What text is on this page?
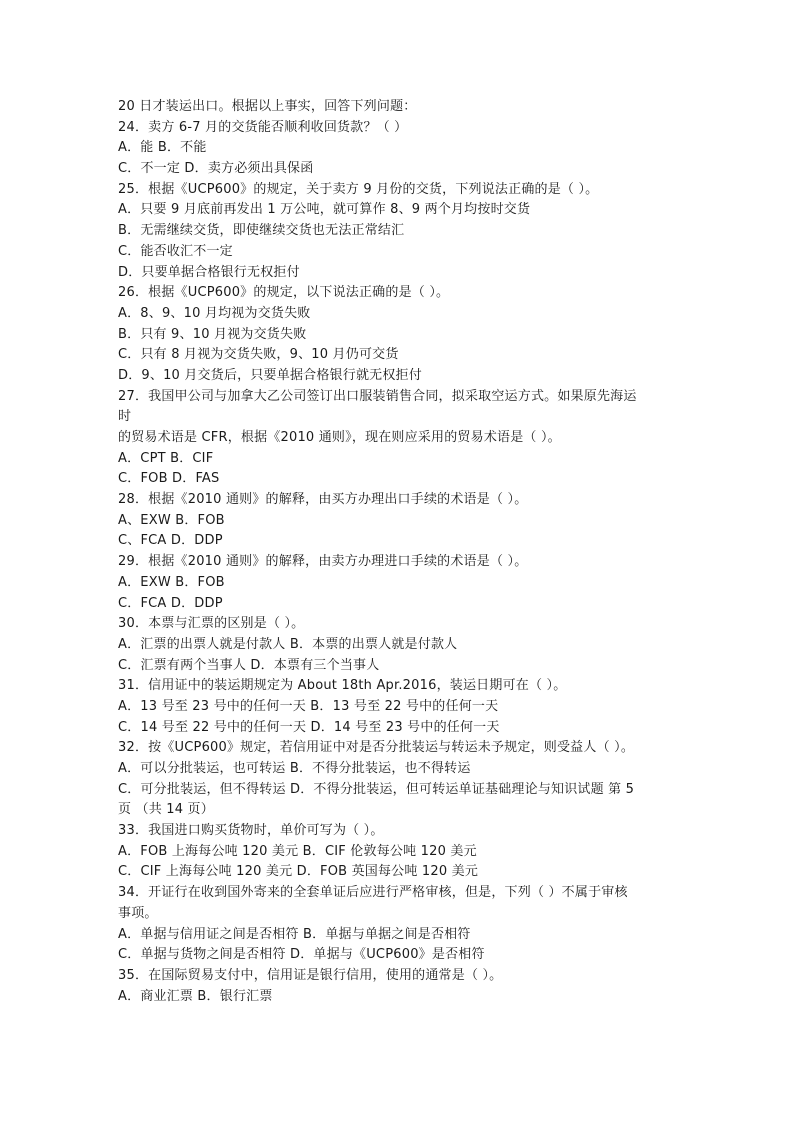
20 日才装运出口。根据以上事实，回答下列问题：
24．卖方 6-7 月的交货能否顺利收回货款？（ ）
A．能 B．不能
C．不一定 D．卖方必须出具保函
25．根据《UCP600》的规定，关于卖方 9 月份的交货，下列说法正确的是（ ）。
A．只要 9 月底前再发出 1 万公吨，就可算作 8、9 两个月均按时交货
B．无需继续交货，即使继续交货也无法正常结汇
C．能否收汇不一定
D．只要单据合格银行无权拒付
26．根据《UCP600》的规定，以下说法正确的是（ ）。
A．8、9、10 月均视为交货失败
B．只有 9、10 月视为交货失败
C．只有 8 月视为交货失败，9、10 月仍可交货
D．9、10 月交货后，只要单据合格银行就无权拒付
27．我国甲公司与加拿大乙公司签订出口服装销售合同，拟采取空运方式。如果原先海运
时
的贸易术语是 CFR，根据《2010 通则》，现在则应采用的贸易术语是（ ）。
A．CPT B．CIF
C．FOB D．FAS
28．根据《2010 通则》的解释，由买方办理出口手续的术语是（ ）。
A、EXW B．FOB
C、FCA D．DDP
29．根据《2010 通则》的解释，由卖方办理进口手续的术语是（ ）。
A．EXW B．FOB
C．FCA D．DDP
30．本票与汇票的区别是（ ）。
A．汇票的出票人就是付款人 B．本票的出票人就是付款人
C．汇票有两个当事人 D．本票有三个当事人
31．信用证中的装运期规定为 About 18th Apr.2016，装运日期可在（ ）。
A．13 号至 23 号中的任何一天 B．13 号至 22 号中的任何一天
C．14 号至 22 号中的任何一天 D．14 号至 23 号中的任何一天
32．按《UCP600》规定，若信用证中对是否分批装运与转运未予规定，则受益人（ ）。
A．可以分批装运，也可转运 B．不得分批装运，也不得转运
C．可分批装运，但不得转运 D．不得分批装运，但可转运单证基础理论与知识试题 第 5
页 （共 14 页）
33．我国进口购买货物时，单价可写为（ ）。
A．FOB 上海每公吨 120 美元 B．CIF 伦敦每公吨 120 美元
C．CIF 上海每公吨 120 美元 D．FOB 英国每公吨 120 美元
34．开证行在收到国外寄来的全套单证后应进行严格审核，但是，下列（ ）不属于审核
事项。
A．单据与信用证之间是否相符 B．单据与单据之间是否相符
C．单据与货物之间是否相符 D．单据与《UCP600》是否相符
35．在国际贸易支付中，信用证是银行信用，使用的通常是（ ）。
A．商业汇票 B．银行汇票
